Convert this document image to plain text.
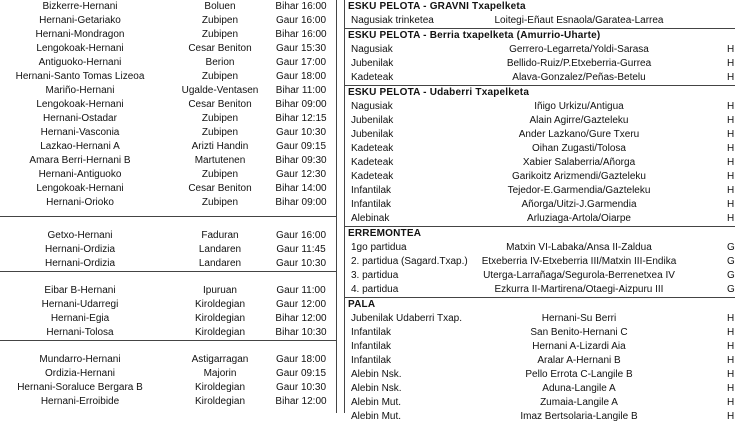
Bizkerre-Hernani	Boluen	Bihar 16:00
Hernani-Getariako	Zubipen	Gaur 16:00
Hernani-Mondragon	Zubipen	Bihar 16:00
Lengokoak-Hernani	Cesar Beniton	Gaur 15:30
Antiguoko-Hernani	Berion	Gaur 17:00
Hernani-Santo Tomas Lizeoa	Zubipen	Gaur 18:00
Mariño-Hernani	Ugalde-Ventasen	Bihar 11:00
Lengokoak-Hernani	Cesar Beniton	Bihar 09:00
Hernani-Ostadar	Zubipen	Bihar 12:15
Hernani-Vasconia	Zubipen	Gaur 10:30
Lazkao-Hernani A	Arizti Handin	Gaur 09:15
Amara Berri-Hernani B	Martutenen	Bihar 09:30
Hernani-Antiguoko	Zubipen	Gaur 12:30
Lengokoak-Hernani	Cesar Beniton	Bihar 14:00
Hernani-Orioko	Zubipen	Bihar 09:00
Getxo-Hernani	Faduran	Gaur 16:00
Hernani-Ordizia	Landaren	Gaur 11:45
Hernani-Ordizia	Landaren	Gaur 10:30
Eibar B-Hernani	Ipuruan	Gaur 11:00
Hernani-Udarregi	Kiroldegian	Gaur 12:00
Hernani-Egia	Kiroldegian	Bihar 12:00
Hernani-Tolosa	Kiroldegian	Bihar 10:30
Mundarro-Hernani	Astigarragan	Gaur 18:00
Ordizia-Hernani	Majorin	Gaur 09:15
Hernani-Soraluce Bergara B	Kiroldegian	Gaur 10:30
Hernani-Erroibide	Kiroldegian	Bihar 12:00
ESKU PELOTA - GRAVNI Txapelketa
Nagusiak trinketea	Loitegi-Eñaut Esnaola/Garatea-Larrea
ESKU PELOTA - Berria txapelketa (Amurrio-Uharte)
Nagusiak	Gerrero-Legarreta/Yoldi-Sarasa	H
Jubenilak	Bellido-Ruiz/P.Etxeberria-Gurrea	H
Kadeteak	Alava-Gonzalez/Peñas-Betelu	H
ESKU PELOTA - Udaberri Txapelketa
Nagusiak	Iñigo Urkizu/Antigua	H
Jubenilak	Alain Agirre/Gazteleku	H
Jubenilak	Ander Lazkano/Gure Txeru	H
Kadeteak	Oihan Zugasti/Tolosa	H
Kadeteak	Xabier Salaberria/Añorga	H
Kadeteak	Garikoitz Arizmendi/Gazteleku	H
Infantilak	Tejedor-E.Garmendia/Gazteleku	H
Infantilak	Añorga/Uitzi-J.Garmendia	H
Alebinak	Arluziaga-Artola/Oiarpe	H
ERREMONTEA
1go partidua	Matxin VI-Labaka/Ansa II-Zaldua	G
2. partidua (Sagard.Txap.)	Etxeberria IV-Etxeberria III/Matxin III-Endika	G
3. partidua	Uterga-Larrañaga/Segurola-Berrenetxea IV	G
4. partidua	Ezkurra II-Martirena/Otaegi-Aizpuru III	G
PALA
Jubenilak Udaberri Txap.	Hernani-Su Berri	H
Infantilak	San Benito-Hernani C	H
Infantilak	Hernani A-Lizardi Aia	H
Infantilak	Aralar A-Hernani B	H
Alebin Nsk.	Pello Errota C-Langile B	H
Alebin Nsk.	Aduna-Langile A	H
Alebin Mut.	Zumaia-Langile A	H
Alebin Mut.	Imaz Bertsolaria-Langile B	H
